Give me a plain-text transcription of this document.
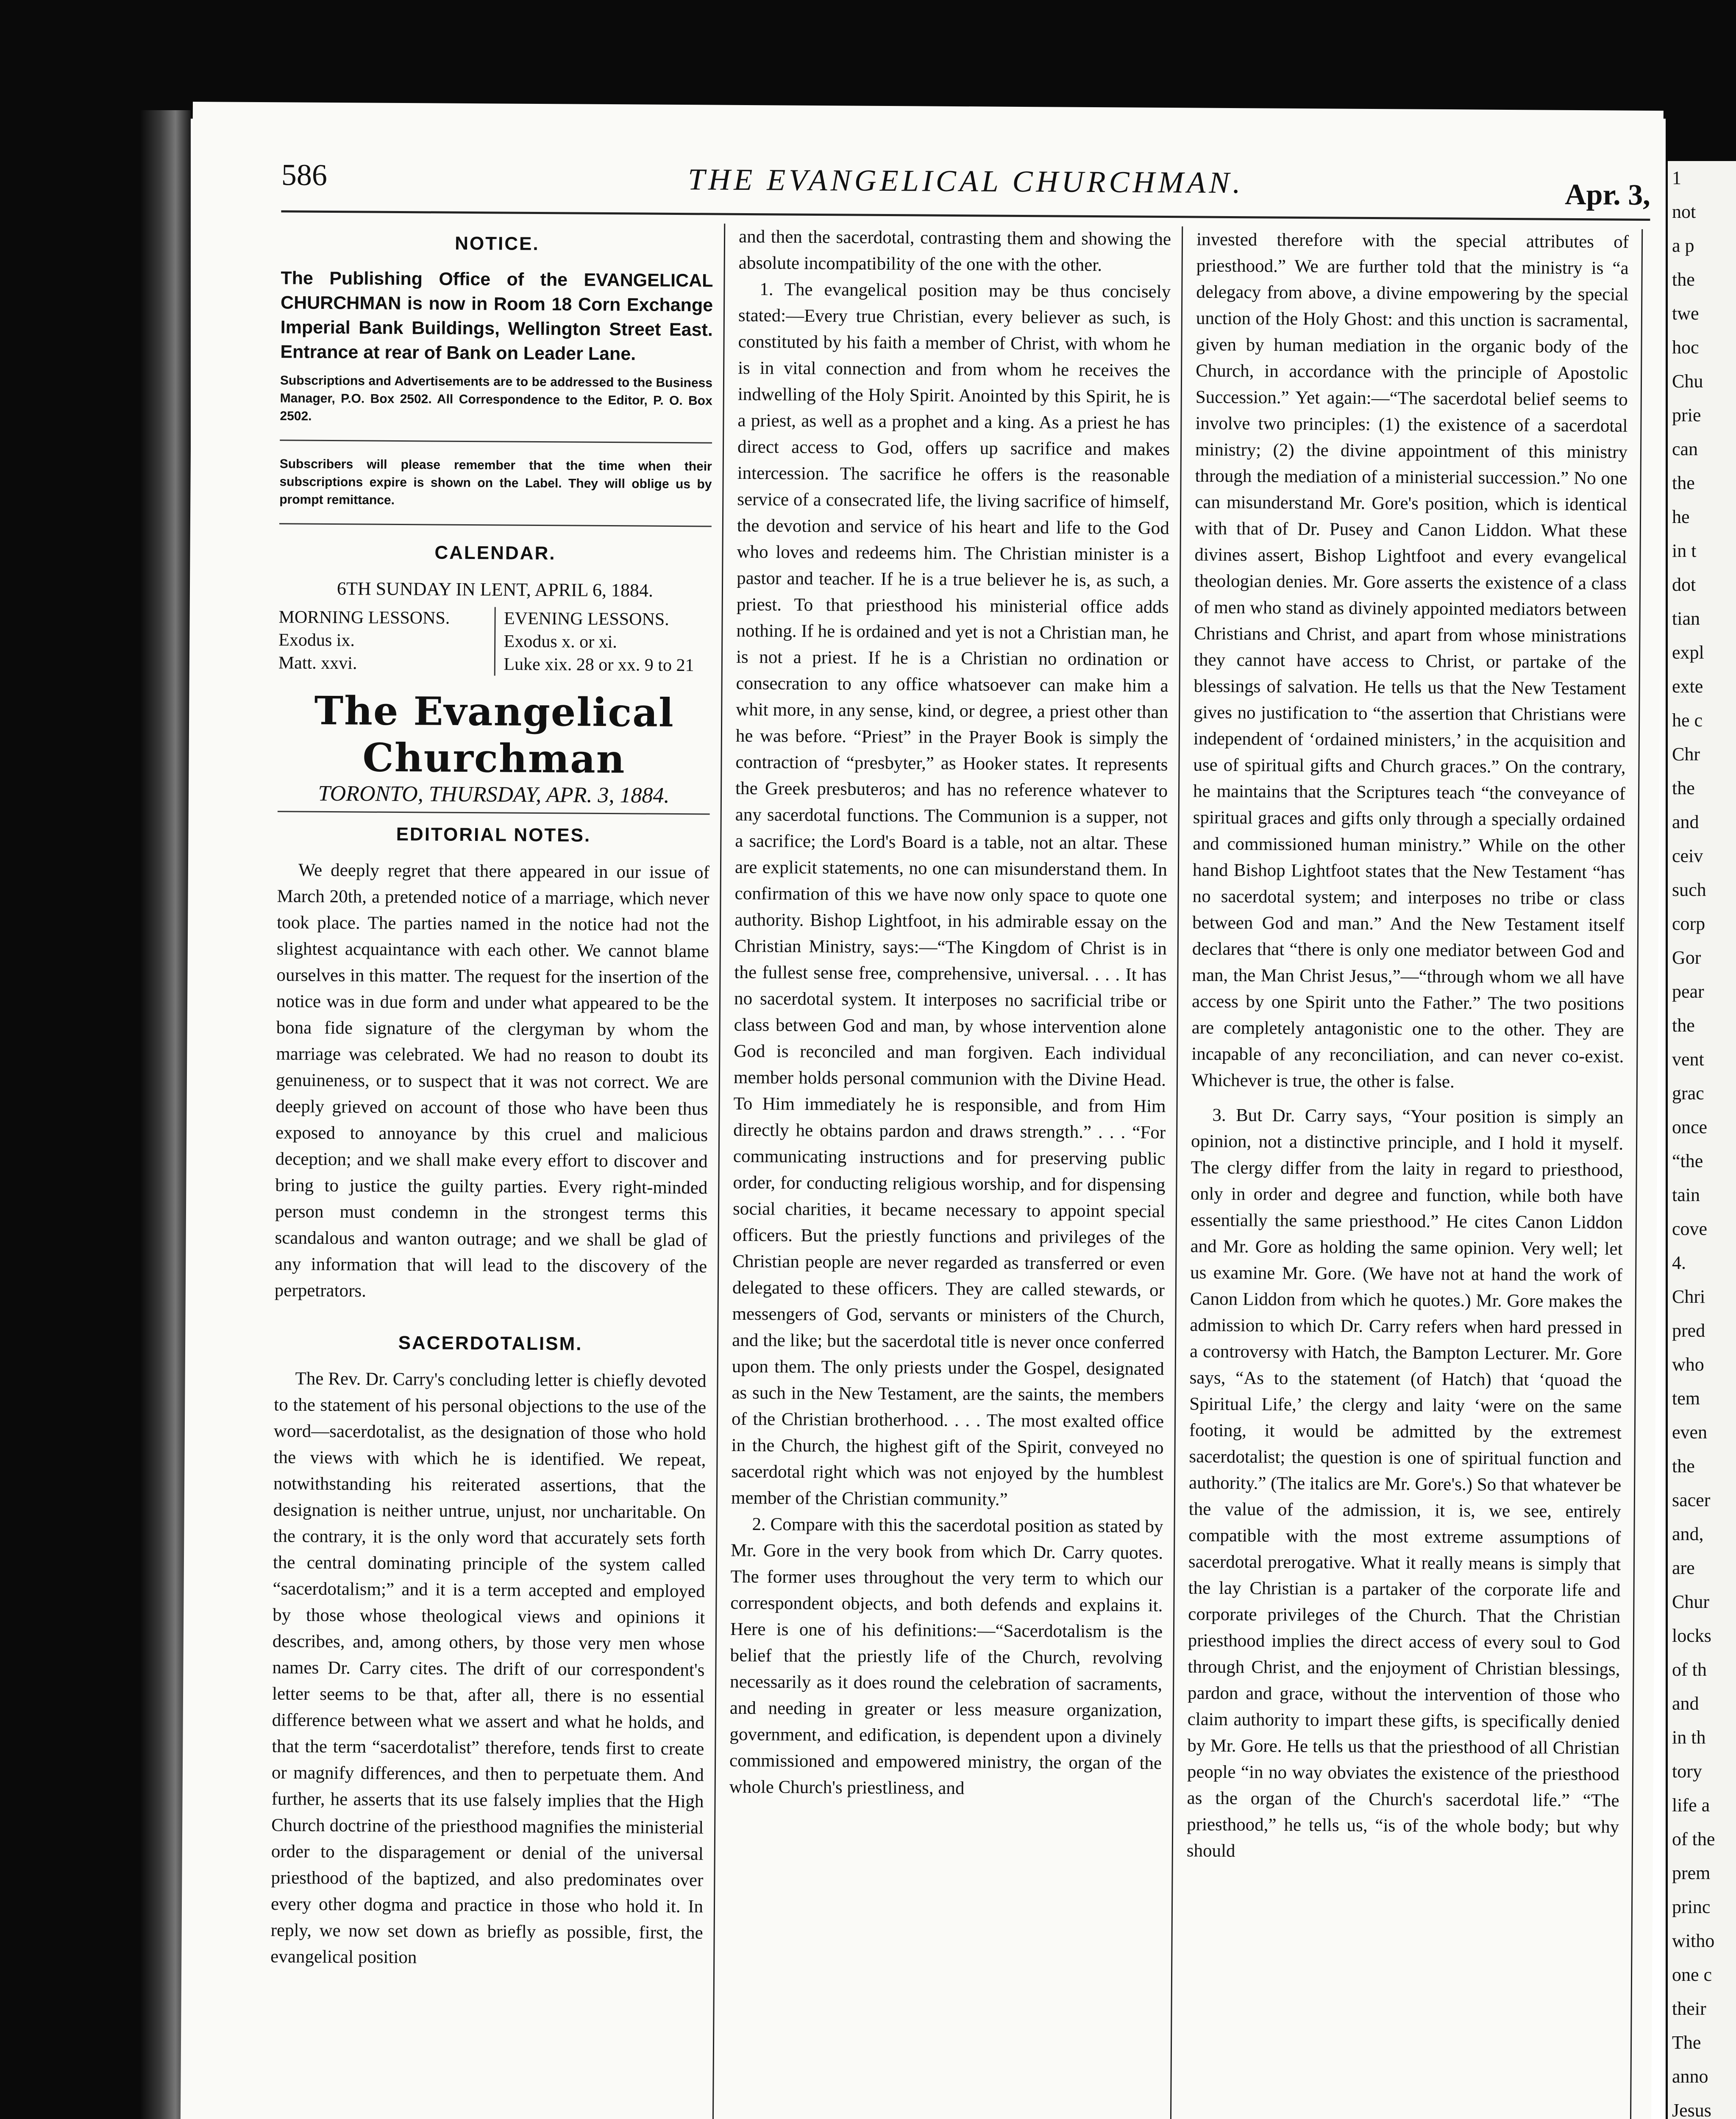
586	THE EVANGELICAL CHURCHMAN.	Apr. 3,
NOTICE.
The Publishing Office of the EVANGELICAL CHURCHMAN is now in Room 18 Corn Exchange Imperial Bank Buildings, Wellington Street East. Entrance at rear of Bank on Leader Lane.
Subscriptions and Advertisements are to be addressed to the Business Manager, P.O. Box 2502. All Correspondence to the Editor, P. O. Box 2502.
Subscribers will please remember that the time when their subscriptions expire is shown on the Label. They will oblige us by prompt remittance.
CALENDAR.
6TH SUNDAY IN LENT, APRIL 6, 1884.
MORNING LESSONS.
Exodus ix.
Matt. xxvi.
EVENING LESSONS.
Exodus x. or xi.
Luke xix. 28 or xx. 9 to 21
The Evangelical Churchman
TORONTO, THURSDAY, APR. 3, 1884.
EDITORIAL NOTES.

We deeply regret that there appeared in our issue of March 20th, a pretended notice of a marriage, which never took place. The parties named in the notice had not the slightest acquaintance with each other. We cannot blame ourselves in this matter. The request for the insertion of the notice was in due form and under what appeared to be the bona fide signature of the clergyman by whom the marriage was celebrated. We had no reason to doubt its genuineness, or to suspect that it was not correct. We are deeply grieved on account of those who have been thus exposed to annoyance by this cruel and malicious deception; and we shall make every effort to discover and bring to justice the guilty parties. Every right-minded person must condemn in the strongest terms this scandalous and wanton outrage; and we shall be glad of any information that will lead to the discovery of the perpetrators.

SACERDOTALISM.

The Rev. Dr. Carry's concluding letter is chiefly devoted to the statement of his personal objections to the use of the word—sacerdotalist, as the designation of those who hold the views with which he is identified. We repeat, notwithstanding his reiterated assertions, that the designation is neither untrue, unjust, nor uncharitable. On the contrary, it is the only word that accurately sets forth the central dominating principle of the system called “sacerdotalism;” and it is a term accepted and employed by those whose theological views and opinions it describes, and, among others, by those very men whose names Dr. Carry cites. The drift of our correspondent's letter seems to be that, after all, there is no essential difference between what we assert and what he holds, and that the term “sacerdotalist” therefore, tends first to create or magnify differences, and then to perpetuate them. And further, he asserts that its use falsely implies that the High Church doctrine of the priesthood magnifies the ministerial order to the disparagement or denial of the universal priesthood of the baptized, and also predominates over every other dogma and practice in those who hold it. In reply, we now set down as briefly as possible, first, the evangelical position

and then the sacerdotal, contrasting them and showing the absolute incompatibility of the one with the other.

1. The evangelical position may be thus concisely stated:—Every true Christian, every believer as such, is constituted by his faith a member of Christ, with whom he is in vital connection and from whom he receives the indwelling of the Holy Spirit. Anointed by this Spirit, he is a priest, as well as a prophet and a king. As a priest he has direct access to God, offers up sacrifice and makes intercession. The sacrifice he offers is the reasonable service of a consecrated life, the living sacrifice of himself, the devotion and service of his heart and life to the God who loves and redeems him. The Christian minister is a pastor and teacher. If he is a true believer he is, as such, a priest. To that priesthood his ministerial office adds nothing. If he is ordained and yet is not a Christian man, he is not a priest. If he is a Christian no ordination or consecration to any office whatsoever can make him a whit more, in any sense, kind, or degree, a priest other than he was before. “Priest” in the Prayer Book is simply the contraction of “presbyter,” as Hooker states. It represents the Greek presbuteros; and has no reference whatever to any sacerdotal functions. The Communion is a supper, not a sacrifice; the Lord's Board is a table, not an altar. These are explicit statements, no one can misunderstand them. In confirmation of this we have now only space to quote one authority. Bishop Lightfoot, in his admirable essay on the Christian Ministry, says:—“The Kingdom of Christ is in the fullest sense free, comprehensive, universal. . . . It has no sacerdotal system. It interposes no sacrificial tribe or class between God and man, by whose intervention alone God is reconciled and man forgiven. Each individual member holds personal communion with the Divine Head. To Him immediately he is responsible, and from Him directly he obtains pardon and draws strength.” . . . “For communicating instructions and for preserving public order, for conducting religious worship, and for dispensing social charities, it became necessary to appoint special officers. But the priestly functions and privileges of the Christian people are never regarded as transferred or even delegated to these officers. They are called stewards, or messengers of God, servants or ministers of the Church, and the like; but the sacerdotal title is never once conferred upon them. The only priests under the Gospel, designated as such in the New Testament, are the saints, the members of the Christian brotherhood. . . . The most exalted office in the Church, the highest gift of the Spirit, conveyed no sacerdotal right which was not enjoyed by the humblest member of the Christian community.”

2. Compare with this the sacerdotal position as stated by Mr. Gore in the very book from which Dr. Carry quotes. The former uses throughout the very term to which our correspondent objects, and both defends and explains it. Here is one of his definitions:—“Sacerdotalism is the belief that the priestly life of the Church, revolving necessarily as it does round the celebration of sacraments, and needing in greater or less measure organization, government, and edification, is dependent upon a divinely commissioned and empowered ministry, the organ of the whole Church's priestliness, and

invested therefore with the special attributes of priesthood.” We are further told that the ministry is “a delegacy from above, a divine empowering by the special unction of the Holy Ghost: and this unction is sacramental, given by human mediation in the organic body of the Church, in accordance with the principle of Apostolic Succession.” Yet again:—“The sacerdotal belief seems to involve two principles: (1) the existence of a sacerdotal ministry; (2) the divine appointment of this ministry through the mediation of a ministerial succession.” No one can misunderstand Mr. Gore's position, which is identical with that of Dr. Pusey and Canon Liddon. What these divines assert, Bishop Lightfoot and every evangelical theologian denies. Mr. Gore asserts the existence of a class of men who stand as divinely appointed mediators between Christians and Christ, and apart from whose ministrations they cannot have access to Christ, or partake of the blessings of salvation. He tells us that the New Testament gives no justification to “the assertion that Christians were independent of ‘ordained ministers,’ in the acquisition and use of spiritual gifts and Church graces.” On the contrary, he maintains that the Scriptures teach “the conveyance of spiritual graces and gifts only through a specially ordained and commissioned human ministry.” While on the other hand Bishop Lightfoot states that the New Testament “has no sacerdotal system; and interposes no tribe or class between God and man.” And the New Testament itself declares that “there is only one mediator between God and man, the Man Christ Jesus,”—“through whom we all have access by one Spirit unto the Father.” The two positions are completely antagonistic one to the other. They are incapable of any reconciliation, and can never co-exist. Whichever is true, the other is false.

3. But Dr. Carry says, “Your position is simply an opinion, not a distinctive principle, and I hold it myself. The clergy differ from the laity in regard to priesthood, only in order and degree and function, while both have essentially the same priesthood.” He cites Canon Liddon and Mr. Gore as holding the same opinion. Very well; let us examine Mr. Gore. (We have not at hand the work of Canon Liddon from which he quotes.) Mr. Gore makes the admission to which Dr. Carry refers when hard pressed in a controversy with Hatch, the Bampton Lecturer. Mr. Gore says, “As to the statement (of Hatch) that ‘quoad the Spiritual Life,’ the clergy and laity ‘were on the same footing, it would be admitted by the extremest sacerdotalist; the question is one of spiritual function and authority.” (The italics are Mr. Gore's.) So that whatever be the value of the admission, it is, we see, entirely compatible with the most extreme assumptions of sacerdotal prerogative. What it really means is simply that the lay Christian is a partaker of the corporate life and corporate privileges of the Church. That the Christian priesthood implies the direct access of every soul to God through Christ, and the enjoyment of Christian blessings, pardon and grace, without the intervention of those who claim authority to impart these gifts, is specifically denied by Mr. Gore. He tells us that the priesthood of all Christian people “in no way obviates the existence of the priesthood as the organ of the Church's sacerdotal life.” “The priesthood,” he tells us, “is of the whole body; but why should

1
not
a p
the
twe
hoc
Chu
prie
can
the
he
in t
dot
tian
expl
exte
he c
Chr
the
and
ceiv
such
corp
Gor
pear
the
vent
grac
once
“the
tain
cove
4.
Chri
pred
who
tem
even
the
sacer
and,
are
Chur
locks
of th
and
in th
tory
life a
of the
prem
princ
witho
one c
their
The
anno
Jesus
